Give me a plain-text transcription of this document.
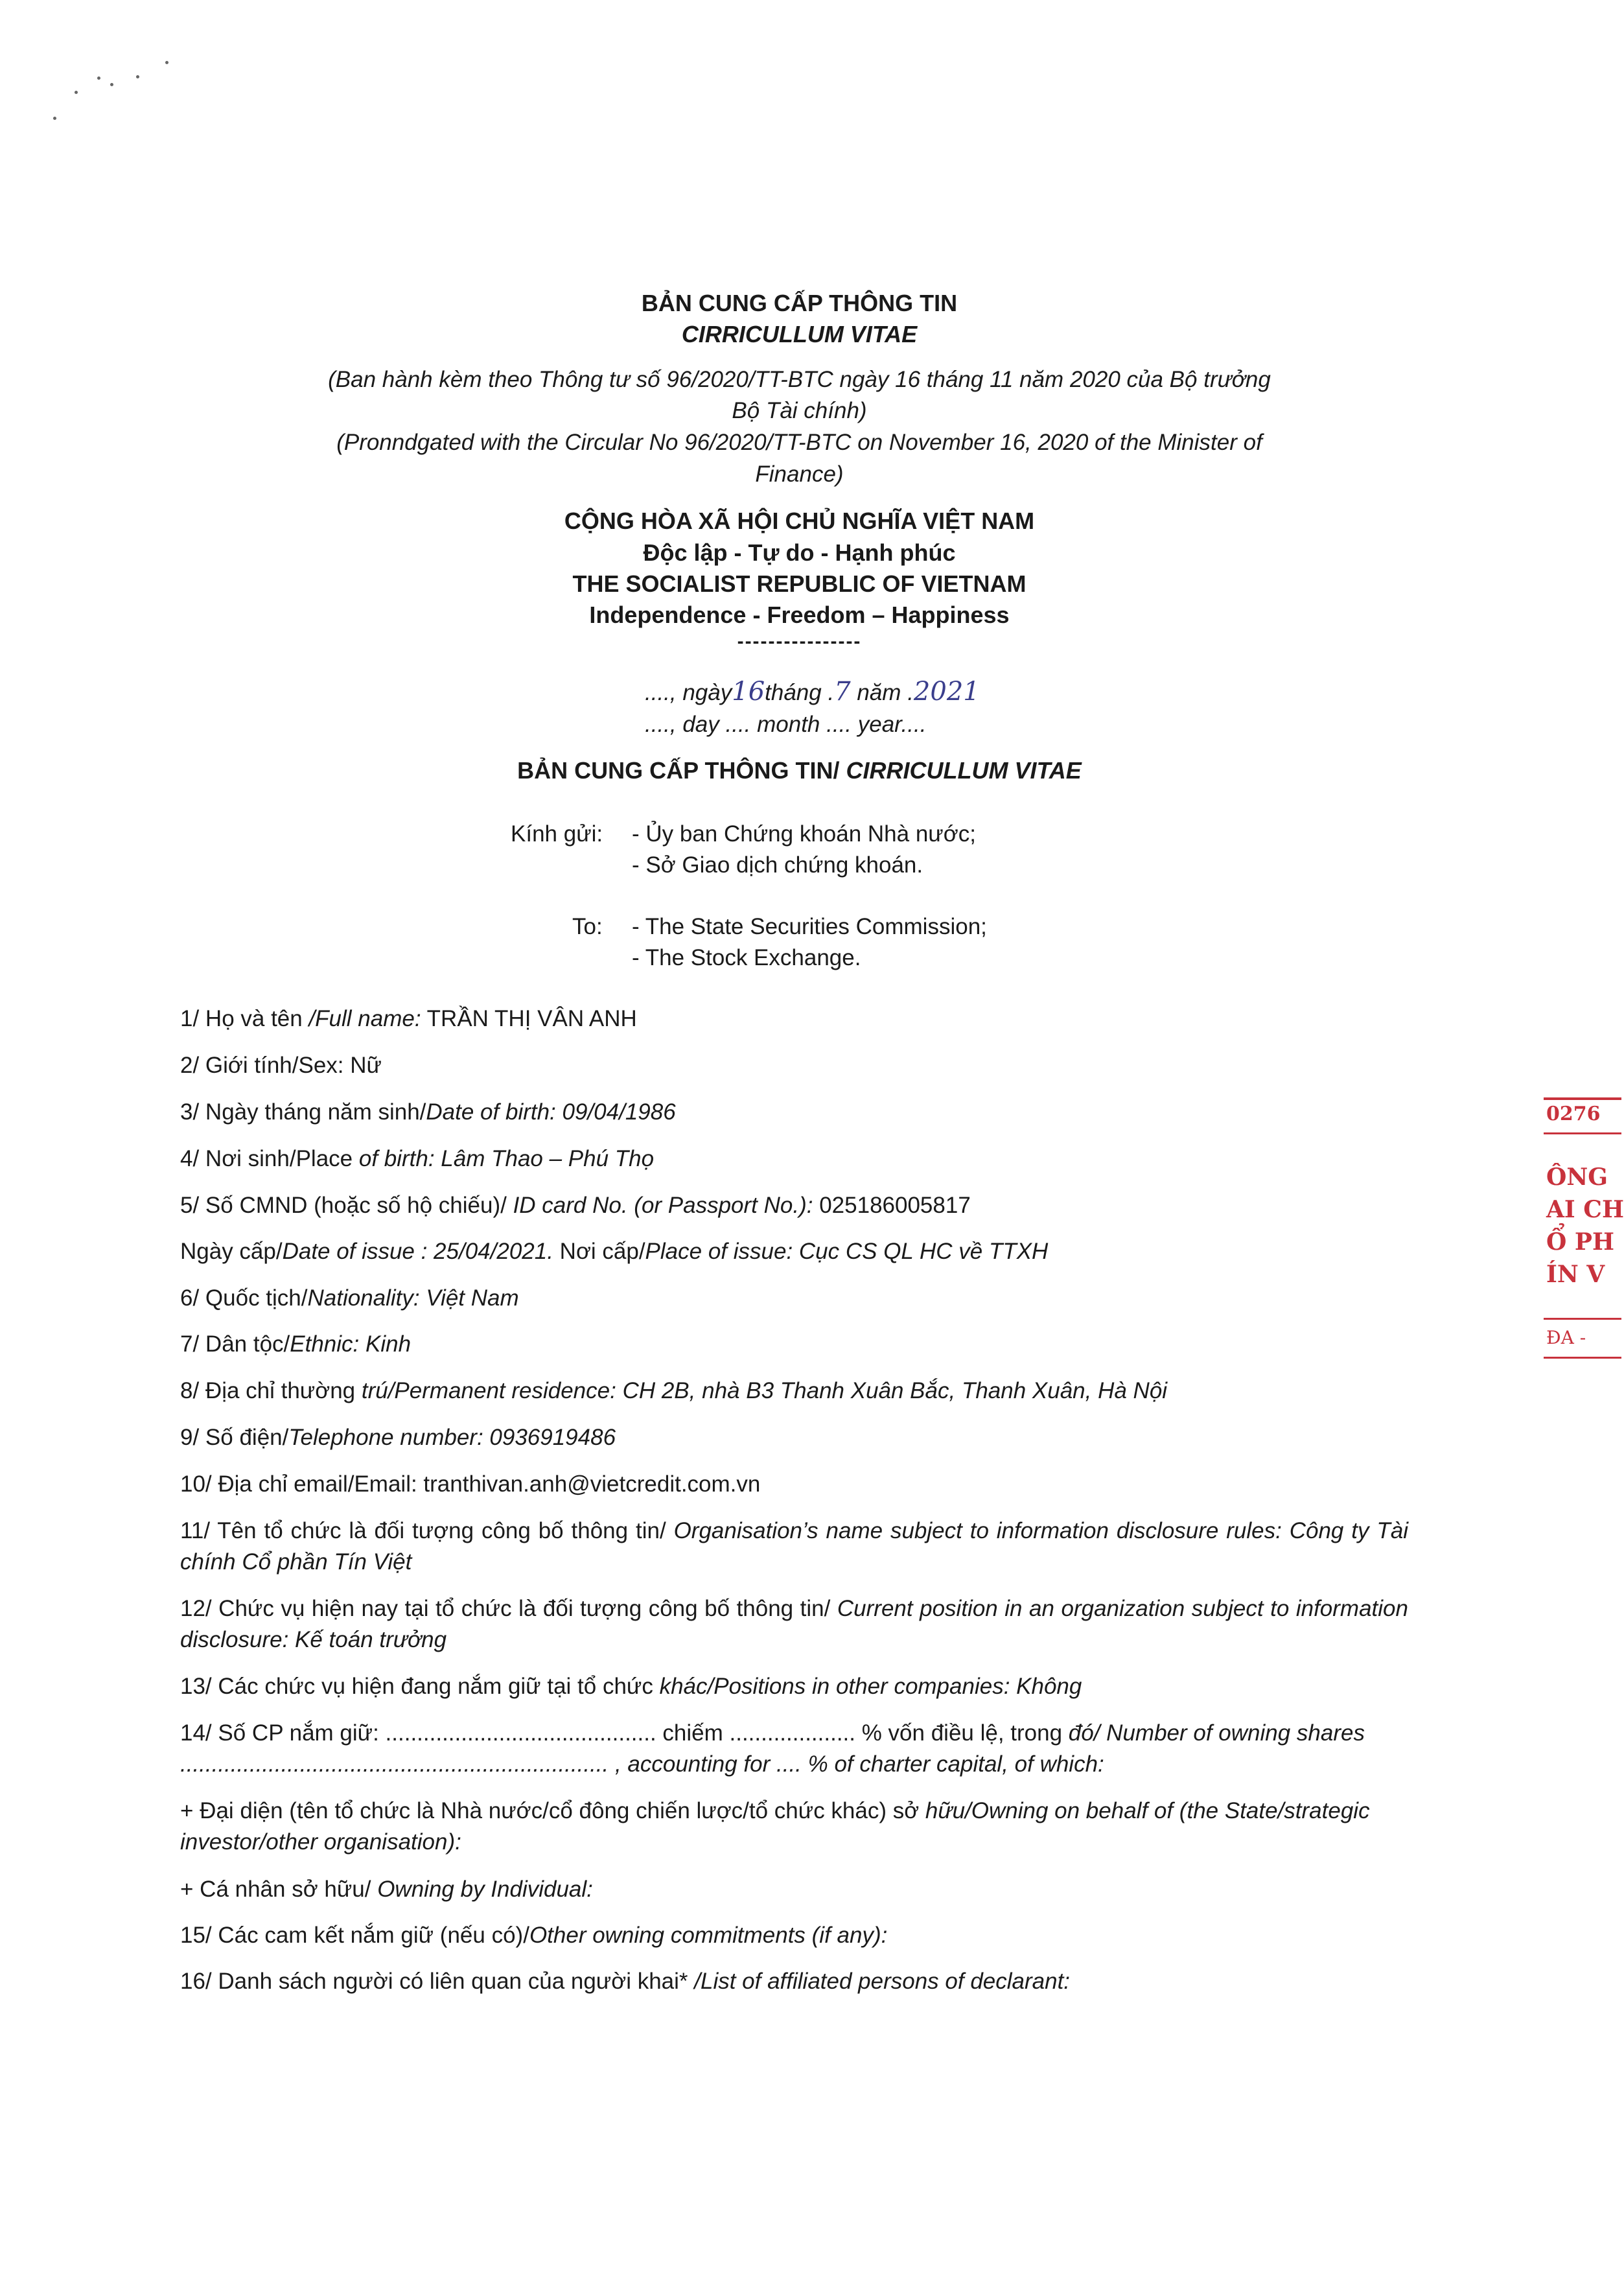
BẢN CUNG CẤP THÔNG TIN
CIRRICULLUM VITAE
(Ban hành kèm theo Thông tư số 96/2020/TT-BTC ngày 16 tháng 11 năm 2020 của Bộ trưởng
Bộ Tài chính)
(Pronndgated with the Circular No 96/2020/TT-BTC on November 16, 2020 of the Minister of
Finance)
CỘNG HÒA XÃ HỘI CHỦ NGHĨA VIỆT NAM
Độc lập - Tự do - Hạnh phúc
THE SOCIALIST REPUBLIC OF VIETNAM
Independence - Freedom – Happiness
----------------
...., ngày16tháng .7 năm .2021
...., day .... month .... year....
BẢN CUNG CẤP THÔNG TIN/ CIRRICULLUM VITAE
Kính gửi: - Ủy ban Chứng khoán Nhà nước;
- Sở Giao dịch chứng khoán.
To: - The State Securities Commission;
- The Stock Exchange.
1/ Họ và tên /Full name: TRẦN THỊ VÂN ANH
2/ Giới tính/Sex: Nữ
3/ Ngày tháng năm sinh/Date of birth: 09/04/1986
4/ Nơi sinh/Place of birth: Lâm Thao – Phú Thọ
5/ Số CMND (hoặc số hộ chiếu)/ ID card No. (or Passport No.): 025186005817
Ngày cấp/Date of issue : 25/04/2021. Nơi cấp/Place of issue: Cục CS QL HC về TTXH
6/ Quốc tịch/Nationality: Việt Nam
7/ Dân tộc/Ethnic: Kinh
8/ Địa chỉ thường trú/Permanent residence: CH 2B, nhà B3 Thanh Xuân Bắc, Thanh Xuân, Hà Nội
9/ Số điện/Telephone number: 0936919486
10/ Địa chỉ email/Email: tranthivan.anh@vietcredit.com.vn
11/ Tên tổ chức là đối tượng công bố thông tin/ Organisation’s name subject to information disclosure rules: Công ty Tài chính Cổ phần Tín Việt
12/ Chức vụ hiện nay tại tổ chức là đối tượng công bố thông tin/ Current position in an organization subject to information disclosure: Kế toán trưởng
13/ Các chức vụ hiện đang nắm giữ tại tổ chức khác/Positions in other companies: Không
14/ Số CP nắm giữ: ........................................... chiếm .................... % vốn điều lệ, trong đó/ Number of owning shares
.................................................................... , accounting for .... % of charter capital, of which:
+ Đại diện (tên tổ chức là Nhà nước/cổ đông chiến lược/tổ chức khác) sở hữu/Owning on behalf of (the State/strategic investor/other organisation):
+ Cá nhân sở hữu/ Owning by Individual:
15/ Các cam kết nắm giữ (nếu có)/Other owning commitments (if any):
16/ Danh sách người có liên quan của người khai* /List of affiliated persons of declarant:
0276
ÔNG
AI CH
Ổ PH
ÍN V
ĐA -
